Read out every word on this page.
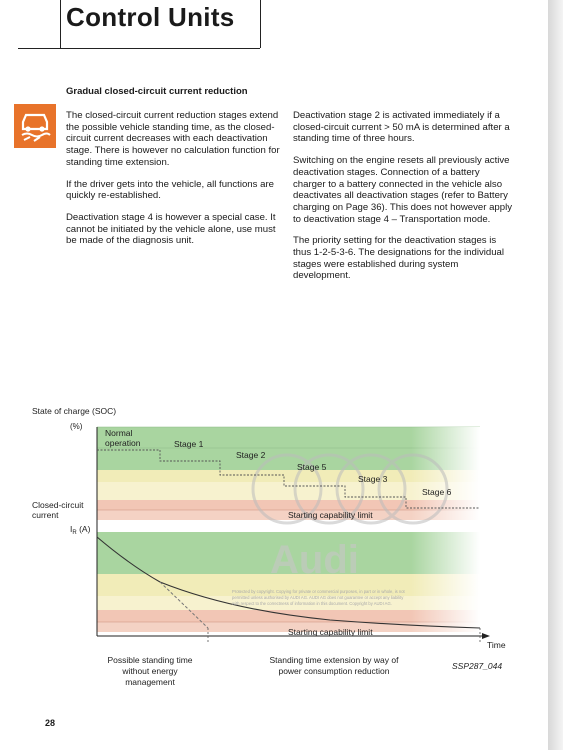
Control Units
Gradual closed-circuit current reduction

The closed-circuit current reduction stages extend the possible vehicle standing time, as the closed-circuit current decreases with each deactivation stage. There is however no calculation function for standing time extension.

If the driver gets into the vehicle, all functions are quickly re-established.

Deactivation stage 4 is however a special case. It cannot be initiated by the vehicle alone, use must be made of the diagnosis unit.

Deactivation stage 2 is activated immediately if a closed-circuit current > 50 mA is determined after a standing time of three hours.

Switching on the engine resets all previously active deactivation stages. Connection of a battery charger to a battery connected in the vehicle also deactivates all deactivation stages (refer to Battery charging on Page 36). This does not however apply to deactivation stage 4 – Transportation mode.

The priority setting for the deactivation stages is thus 1-2-5-3-6. The designations for the individual stages were established during system development.

Audi
Normal
operation	Stage 1
Stage 2
Stage 5
Stage 3
Stage 6
Starting capability limit
Starting capability limit
State of charge (SOC)
(%)
Closed-circuit
current
$I_R$ (A)
Time
Protected by copyright. Copying for private or commercial purposes, in part or in whole, is not
permitted unless authorised by AUDI AG. AUDI AG does not guarantee or accept any liability
with respect to the correctness of information in this document. Copyright by AUDI AG.
Possible standing time
without energy
management
Standing time extension by way of
power consumption reduction	SSP287_044
28
